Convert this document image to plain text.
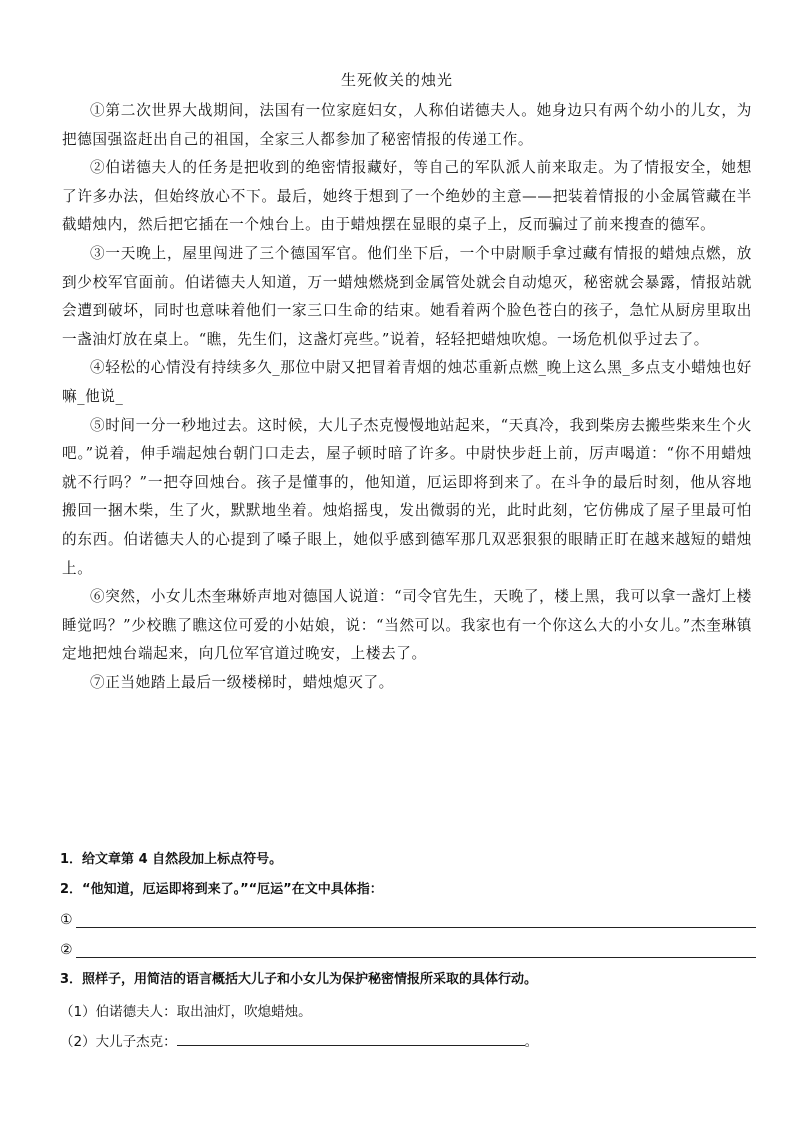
生死攸关的烛光

①第二次世界大战期间，法国有一位家庭妇女，人称伯诺德夫人。她身边只有两个幼小的儿女，为把德国强盗赶出自己的祖国，全家三人都参加了秘密情报的传递工作。

②伯诺德夫人的任务是把收到的绝密情报藏好，等自己的军队派人前来取走。为了情报安全，她想了许多办法，但始终放心不下。最后，她终于想到了一个绝妙的主意——把装着情报的小金属管藏在半截蜡烛内，然后把它插在一个烛台上。由于蜡烛摆在显眼的桌子上，反而骗过了前来搜查的德军。

③一天晚上，屋里闯进了三个德国军官。他们坐下后，一个中尉顺手拿过藏有情报的蜡烛点燃，放到少校军官面前。伯诺德夫人知道，万一蜡烛燃烧到金属管处就会自动熄灭，秘密就会暴露，情报站就会遭到破坏，同时也意味着他们一家三口生命的结束。她看着两个脸色苍白的孩子，急忙从厨房里取出一盏油灯放在桌上。“瞧，先生们，这盏灯亮些。”说着，轻轻把蜡烛吹熄。一场危机似乎过去了。

④轻松的心情没有持续多久_那位中尉又把冒着青烟的烛芯重新点燃_晚上这么黑_多点支小蜡烛也好嘛_他说_

⑤时间一分一秒地过去。这时候，大儿子杰克慢慢地站起来，“天真冷，我到柴房去搬些柴来生个火吧。”说着，伸手端起烛台朝门口走去，屋子顿时暗了许多。中尉快步赶上前，厉声喝道：“你不用蜡烛就不行吗？”一把夺回烛台。孩子是懂事的，他知道，厄运即将到来了。在斗争的最后时刻，他从容地搬回一捆木柴，生了火，默默地坐着。烛焰摇曳，发出微弱的光，此时此刻，它仿佛成了屋子里最可怕的东西。伯诺德夫人的心提到了嗓子眼上，她似乎感到德军那几双恶狠狠的眼睛正盯在越来越短的蜡烛上。

⑥突然，小女儿杰奎琳娇声地对德国人说道：“司令官先生，天晚了，楼上黑，我可以拿一盏灯上楼睡觉吗？”少校瞧了瞧这位可爱的小姑娘，说：“当然可以。我家也有一个你这么大的小女儿。”杰奎琳镇定地把烛台端起来，向几位军官道过晚安，上楼去了。

⑦正当她踏上最后一级楼梯时，蜡烛熄灭了。

1．给文章第 4 自然段加上标点符号。
2．“他知道，厄运即将到来了。”“厄运”在文中具体指：
①
②
3．照样子，用简洁的语言概括大儿子和小女儿为保护秘密情报所采取的具体行动。
（1）伯诺德夫人：取出油灯，吹熄蜡烛。
（2）大儿子杰克：	。
